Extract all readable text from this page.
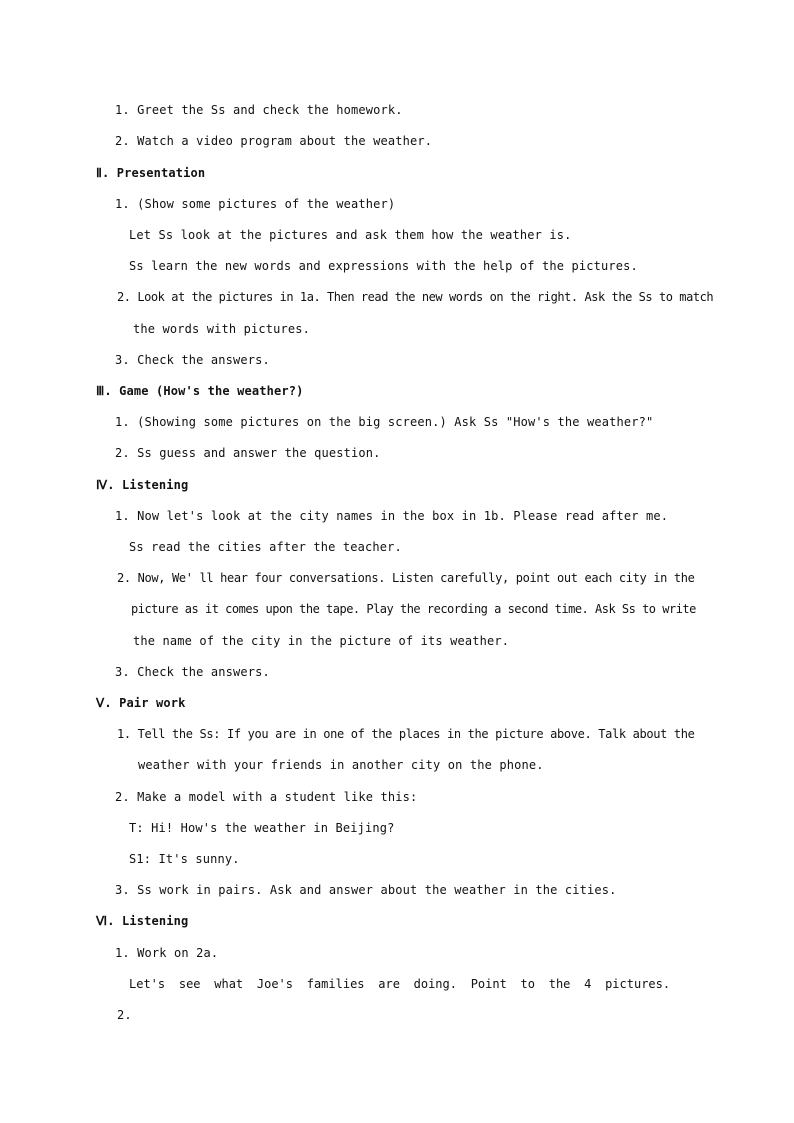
1. Greet the Ss and check the homework.
2. Watch a video program about the weather.
Ⅱ. Presentation
1. (Show some pictures of the weather)
Let Ss look at the pictures and ask them how the weather is.
Ss learn the new words and expressions with the help of the pictures.
2. Look at the pictures in 1a. Then read the new words on the right. Ask the Ss to match
the words with pictures.
3. Check the answers.
Ⅲ. Game (How's the weather?)
1. (Showing some pictures on the big screen.) Ask Ss "How's the weather?"
2. Ss guess and answer the question.
Ⅳ. Listening
1. Now let's look at the city names in the box in 1b. Please read after me.
Ss read the cities after the teacher.
2. Now, We' ll hear four conversations. Listen carefully, point out each city in the
picture as it comes upon the tape. Play the recording a second time. Ask Ss to write
the name of the city in the picture of its weather.
3. Check the answers.
Ⅴ. Pair work
1. Tell the Ss: If you are in one of the places in the picture above. Talk about the
weather with your friends in another city on the phone.
2. Make a model with a student like this:
T: Hi! How's the weather in Beijing?
S1: It's sunny.
3. Ss work in pairs. Ask and answer about the weather in the cities.
Ⅵ. Listening
1. Work on 2a.
Let's see what Joe's families are doing. Point to the 4 pictures.
2.
